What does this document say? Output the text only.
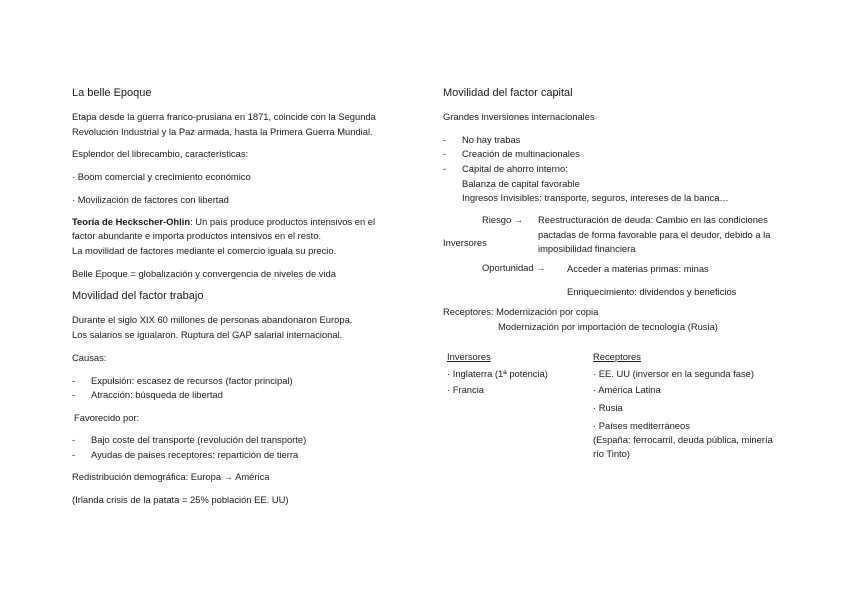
La belle Epoque
Etapa desde la guerra franco-prusiana en 1871, coincide con la Segunda
Revolución Industrial y la Paz armada, hasta la Primera Guerra Mundial.
Esplendor del librecambio, características:
· Boom comercial y crecimiento económico
· Movilización de factores con libertad
Teoría de Heckscher-Ohlin: Un país produce productos intensivos en el
factor abundante e importa productos intensivos en el resto.
La movilidad de factores mediante el comercio iguala su precio.
Belle Epoque = globalización y convergencia de niveles de vida
Movilidad del factor trabajo
Durante el siglo XIX 60 millones de personas abandonaron Europa.
Los salarios se igualaron. Ruptura del GAP salarial internacional.
Causas:
- Expulsión: escasez de recursos (factor principal)
- Atracción: búsqueda de libertad
Favorecido por:
- Bajo coste del transporte (revolución del transporte)
- Ayudas de países receptores: repartición de tierra
Redistribución demográfica: Europa → América
(Irlanda crisis de la patata = 25% población EE. UU)
Movilidad del factor capital
Grandes inversiones internacionales
- No hay trabas
- Creación de multinacionales
- Capital de ahorro interno:
Balanza de capital favorable
Ingresos Invisibles: transporte, seguros, intereses de la banca…
Riesgo → Reestructuración de deuda: Cambio en las condiciones
pactadas de forma favorable para el deudor, debido a la
Inversores
imposibilidad financiera
Oportunidad → Acceder a materias primas: minas
Enriquecimiento: dividendos y beneficios
Receptores: Modernización por copia
Modernización por importación de tecnología (Rusia)
Inversores
· Inglaterra (1ª potencia)
· Francia
Receptores
· EE. UU (inversor en la segunda fase)
· América Latina
· Rusia
· Países mediterráneos
(España: ferrocarril, deuda pública, minería
río Tinto)
